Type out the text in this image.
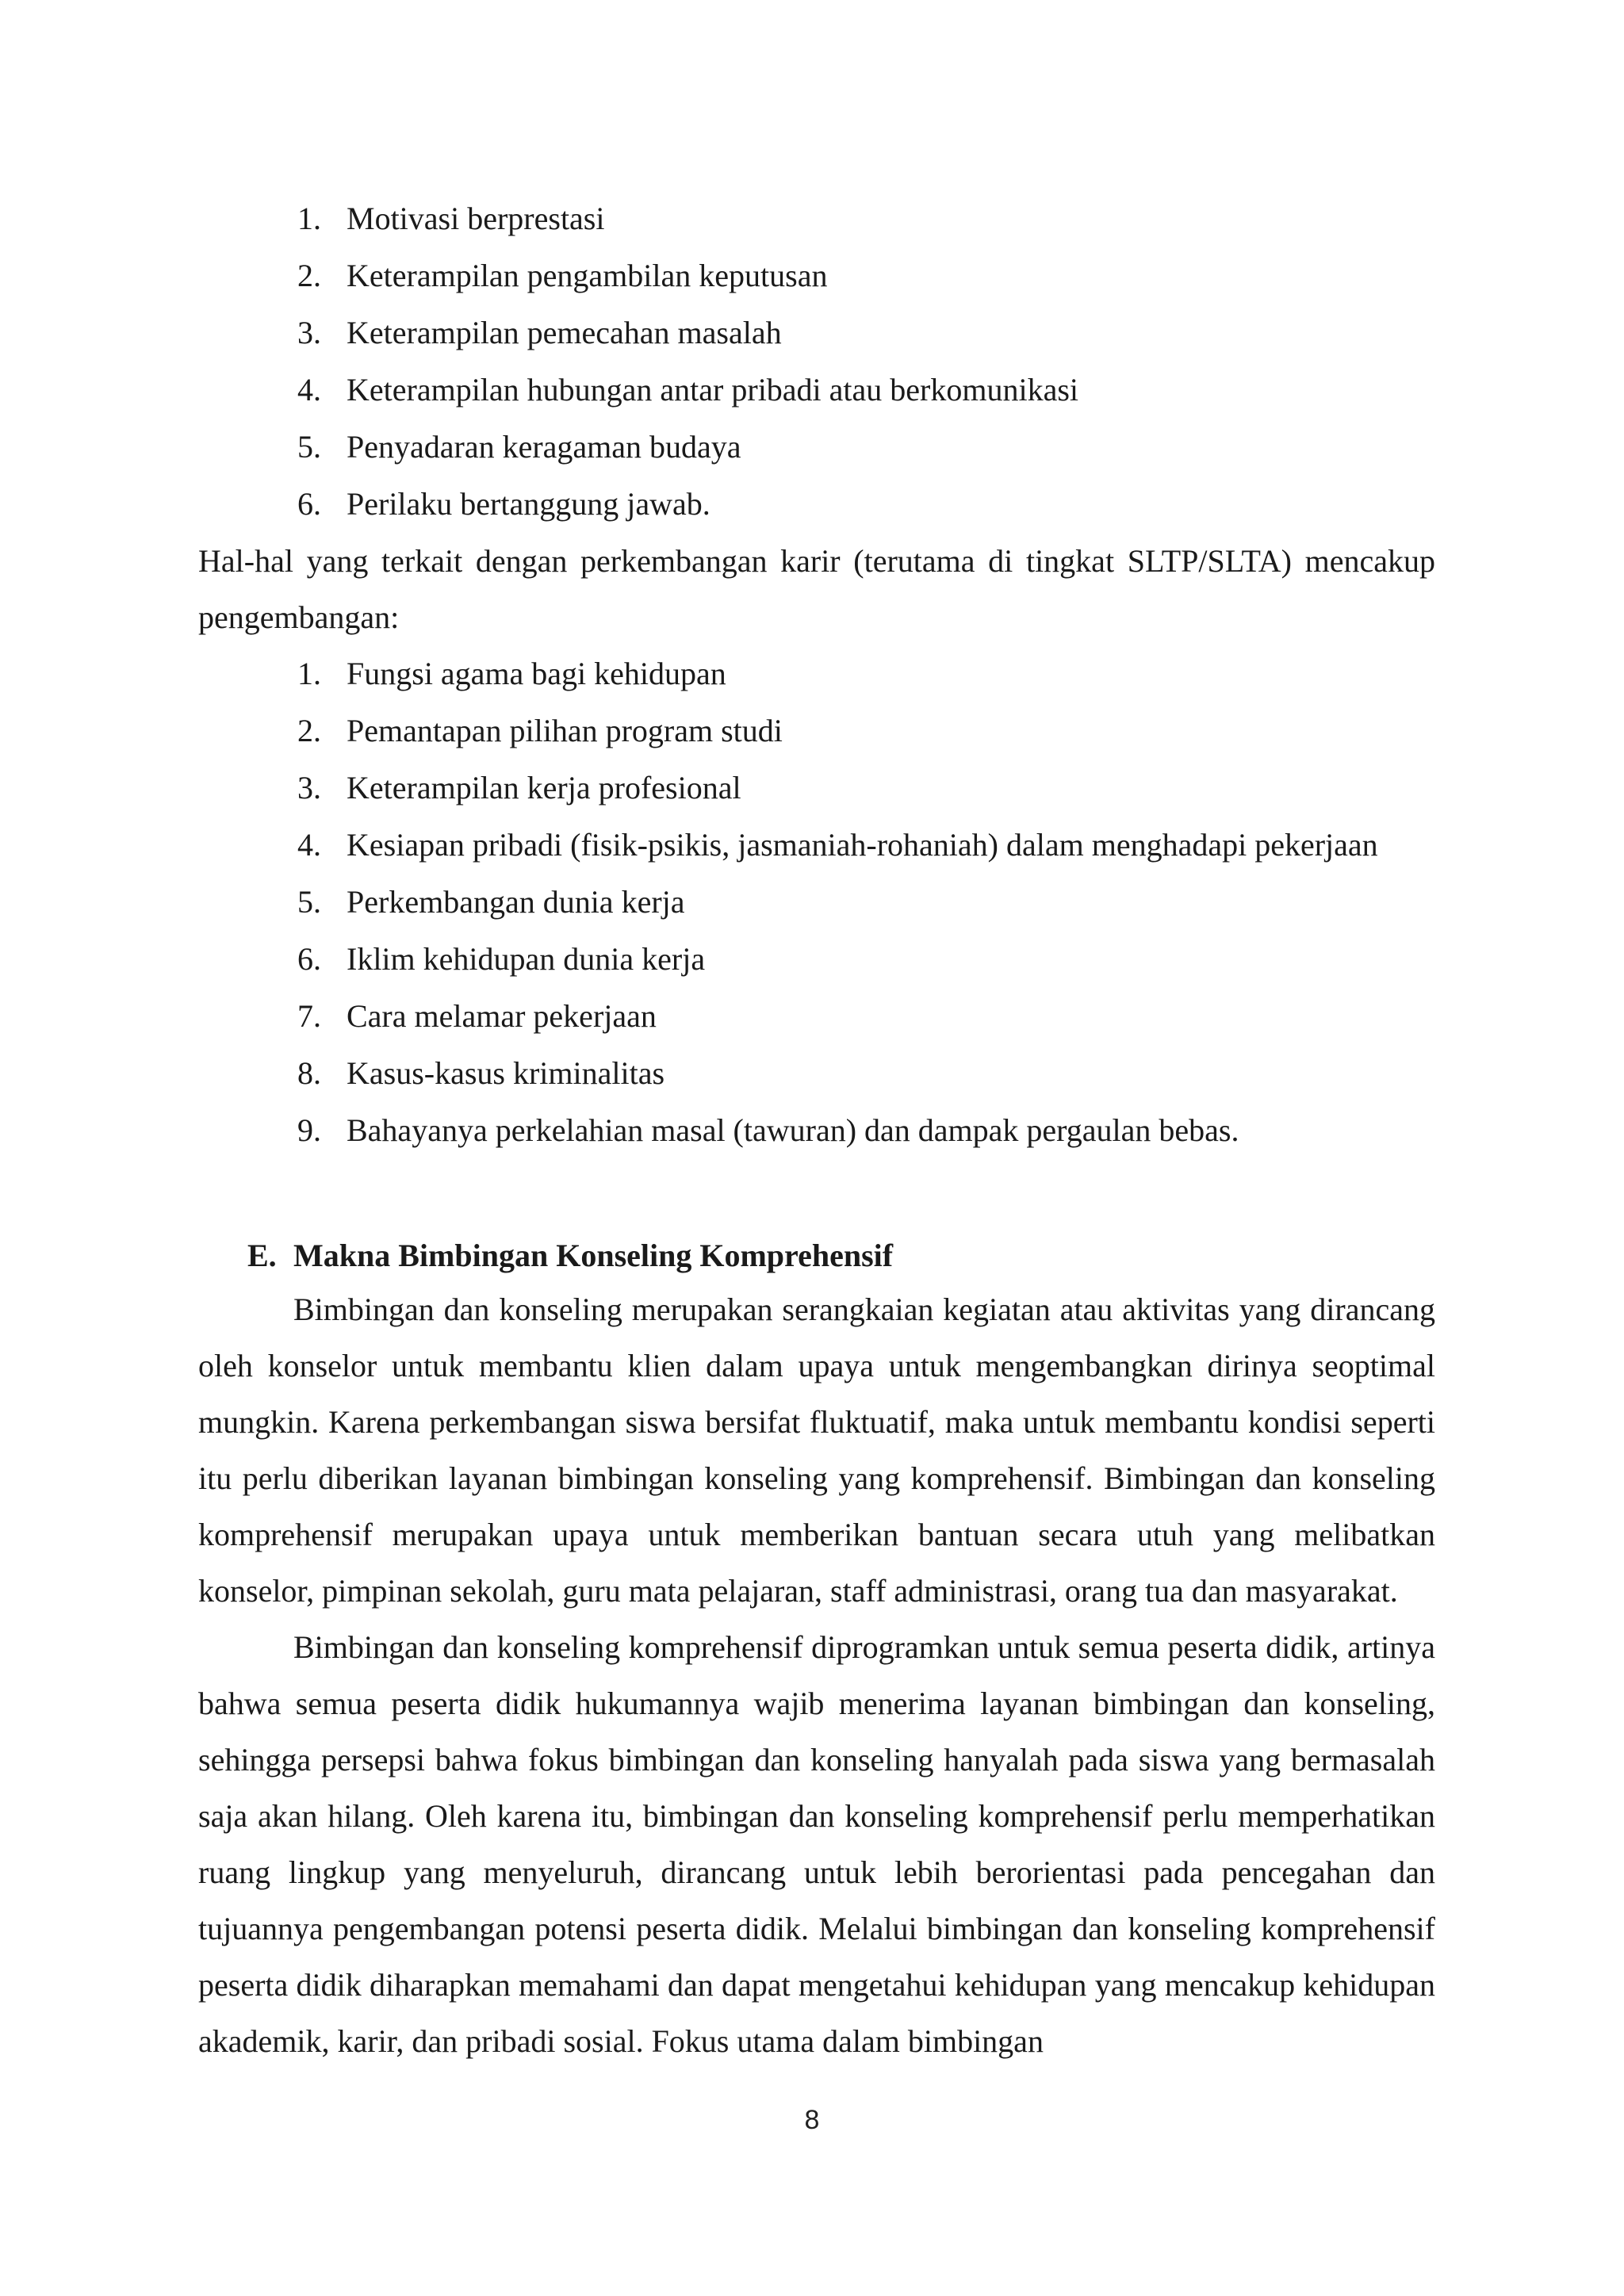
1. Motivasi berprestasi
2. Keterampilan pengambilan keputusan
3. Keterampilan pemecahan masalah
4. Keterampilan hubungan antar pribadi atau berkomunikasi
5. Penyadaran keragaman budaya
6. Perilaku bertanggung jawab.

Hal-hal yang terkait dengan perkembangan karir (terutama di tingkat SLTP/SLTA) mencakup pengembangan:

1. Fungsi agama bagi kehidupan
2. Pemantapan pilihan program studi
3. Keterampilan kerja profesional
4. Kesiapan pribadi (fisik-psikis, jasmaniah-rohaniah) dalam menghadapi pekerjaan
5. Perkembangan dunia kerja
6. Iklim kehidupan dunia kerja
7. Cara melamar pekerjaan
8. Kasus-kasus kriminalitas
9. Bahayanya perkelahian masal (tawuran) dan dampak pergaulan bebas.
E. Makna Bimbingan Konseling Komprehensif

Bimbingan dan konseling merupakan serangkaian kegiatan atau aktivitas yang dirancang oleh konselor untuk membantu klien dalam upaya untuk mengembangkan dirinya seoptimal mungkin. Karena perkembangan siswa bersifat fluktuatif, maka untuk membantu kondisi seperti itu perlu diberikan layanan bimbingan konseling yang komprehensif. Bimbingan dan konseling komprehensif merupakan upaya untuk memberikan bantuan secara utuh yang melibatkan konselor, pimpinan sekolah, guru mata pelajaran, staff administrasi, orang tua dan masyarakat.

Bimbingan dan konseling komprehensif diprogramkan untuk semua peserta didik, artinya bahwa semua peserta didik hukumannya wajib menerima layanan bimbingan dan konseling, sehingga persepsi bahwa fokus bimbingan dan konseling hanyalah pada siswa yang bermasalah saja akan hilang. Oleh karena itu, bimbingan dan konseling komprehensif perlu memperhatikan ruang lingkup yang menyeluruh, dirancang untuk lebih berorientasi pada pencegahan dan tujuannya pengembangan potensi peserta didik. Melalui bimbingan dan konseling komprehensif peserta didik diharapkan memahami dan dapat mengetahui kehidupan yang mencakup kehidupan akademik, karir, dan pribadi sosial. Fokus utama dalam bimbingan

8
